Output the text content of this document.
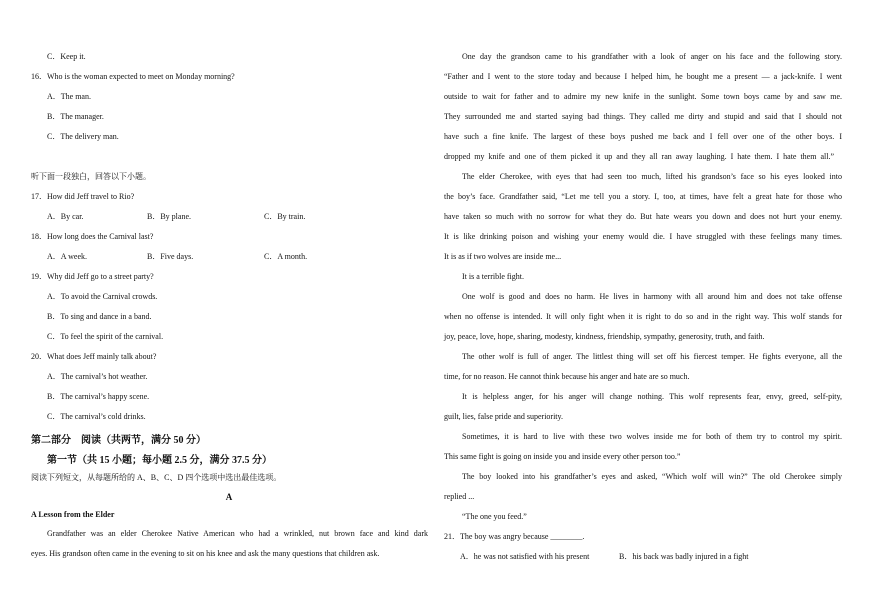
C．Keep it.
16．Who is the woman expected to meet on Monday morning?
A．The man.
B．The manager.
C．The delivery man.
听下面一段独白，回答以下小题。
17．How did Jeff travel to Rio?
A．By car.	B．By plane.	C．By train.
18．How long does the Carnival last?
A．A week.	B．Five days.	C．A month.
19．Why did Jeff go to a street party?
A．To avoid the Carnival crowds.
B．To sing and dance in a band.
C．To feel the spirit of the carnival.
20．What does Jeff mainly talk about?
A．The carnival’s hot weather.
B．The carnival’s happy scene.
C．The carnival’s cold drinks.
第二部分　阅读（共两节，满分 50 分）
第一节（共 15 小题；每小题 2.5 分，满分 37.5 分）
阅读下列短文，从每题所给的 A、B、C、D 四个选项中选出最佳选项。
A
A Lesson from the Elder
Grandfather was an elder Cherokee Native American who had a wrinkled, nut brown face and kind dark
eyes. His grandson often came in the evening to sit on his knee and ask the many questions that children ask.
One day the grandson came to his grandfather with a look of anger on his face and the following story.
“Father and I went to the store today and because I helped him, he bought me a present — a jack-knife. I went
outside to wait for father and to admire my new knife in the sunlight. Some town boys came by and saw me.
They surrounded me and started saying bad things. They called me dirty and stupid and said that I should not
have such a fine knife. The largest of these boys pushed me back and I fell over one of the other boys. I
dropped my knife and one of them picked it up and they all ran away laughing. I hate them. I hate them all.”
The elder Cherokee, with eyes that had seen too much, lifted his grandson’s face so his eyes looked into
the boy’s face. Grandfather said, “Let me tell you a story. I, too, at times, have felt a great hate for those who
have taken so much with no sorrow for what they do. But hate wears you down and does not hurt your enemy.
It is like drinking poison and wishing your enemy would die. I have struggled with these feelings many times.
It is as if two wolves are inside me...
It is a terrible fight.
One wolf is good and does no harm. He lives in harmony with all around him and does not take offense
when no offense is intended. It will only fight when it is right to do so and in the right way. This wolf stands for
joy, peace, love, hope, sharing, modesty, kindness, friendship, sympathy, generosity, truth, and faith.
The other wolf is full of anger. The littlest thing will set off his fiercest temper. He fights everyone, all the
time, for no reason. He cannot think because his anger and hate are so much.
It is helpless anger, for his anger will change nothing. This wolf represents fear, envy, greed, self-pity,
guilt, lies, false pride and superiority.
Sometimes, it is hard to live with these two wolves inside me for both of them try to control my spirit.
This same fight is going on inside you and inside every other person too.”
The boy looked into his grandfather’s eyes and asked, “Which wolf will win?” The old Cherokee simply
replied ...
“The one you feed.”
21．The boy was angry because ________.
A．he was not satisfied with his present	B．his back was badly injured in a fight
